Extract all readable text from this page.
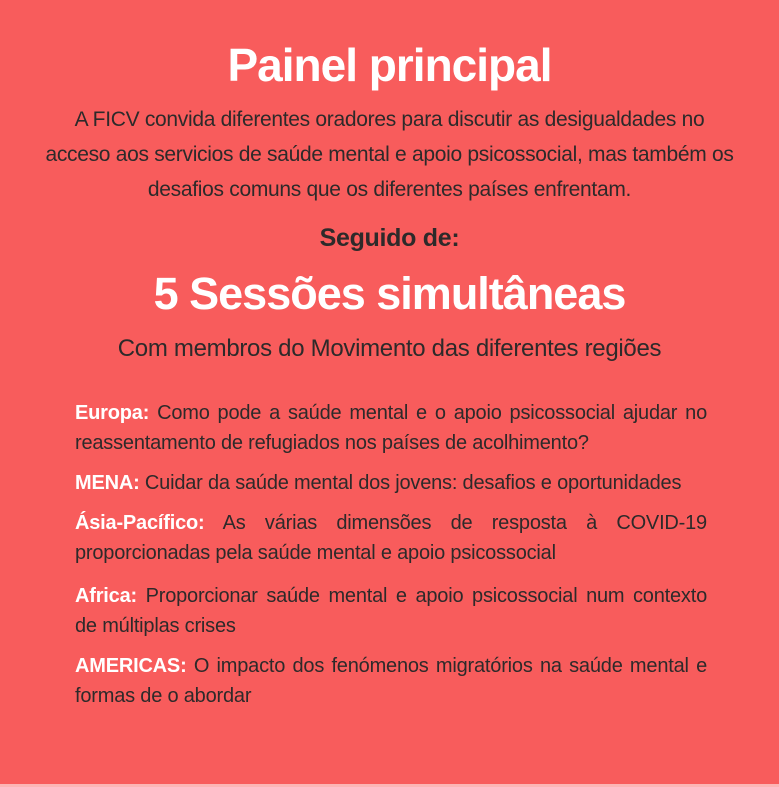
Painel principal

A FICV convida diferentes oradores para discutir as desigualdades no acceso aos servicios de saúde mental e apoio psicossocial, mas também os desafios comuns que os diferentes países enfrentam.

Seguido de:
5 Sessões simultâneas
Com membros do Movimento das diferentes regiões

Europa: Como pode a saúde mental e o apoio psicossocial ajudar no reassentamento de refugiados nos países de acolhimento?

MENA: Cuidar da saúde mental dos jovens: desafios e oportunidades

Ásia-Pacífico: As várias dimensões de resposta à COVID-19 proporcionadas pela saúde mental e apoio psicossocial

Africa: Proporcionar saúde mental e apoio psicossocial num contexto de múltiplas crises

AMERICAS: O impacto dos fenómenos migratórios na saúde mental e formas de o abordar
